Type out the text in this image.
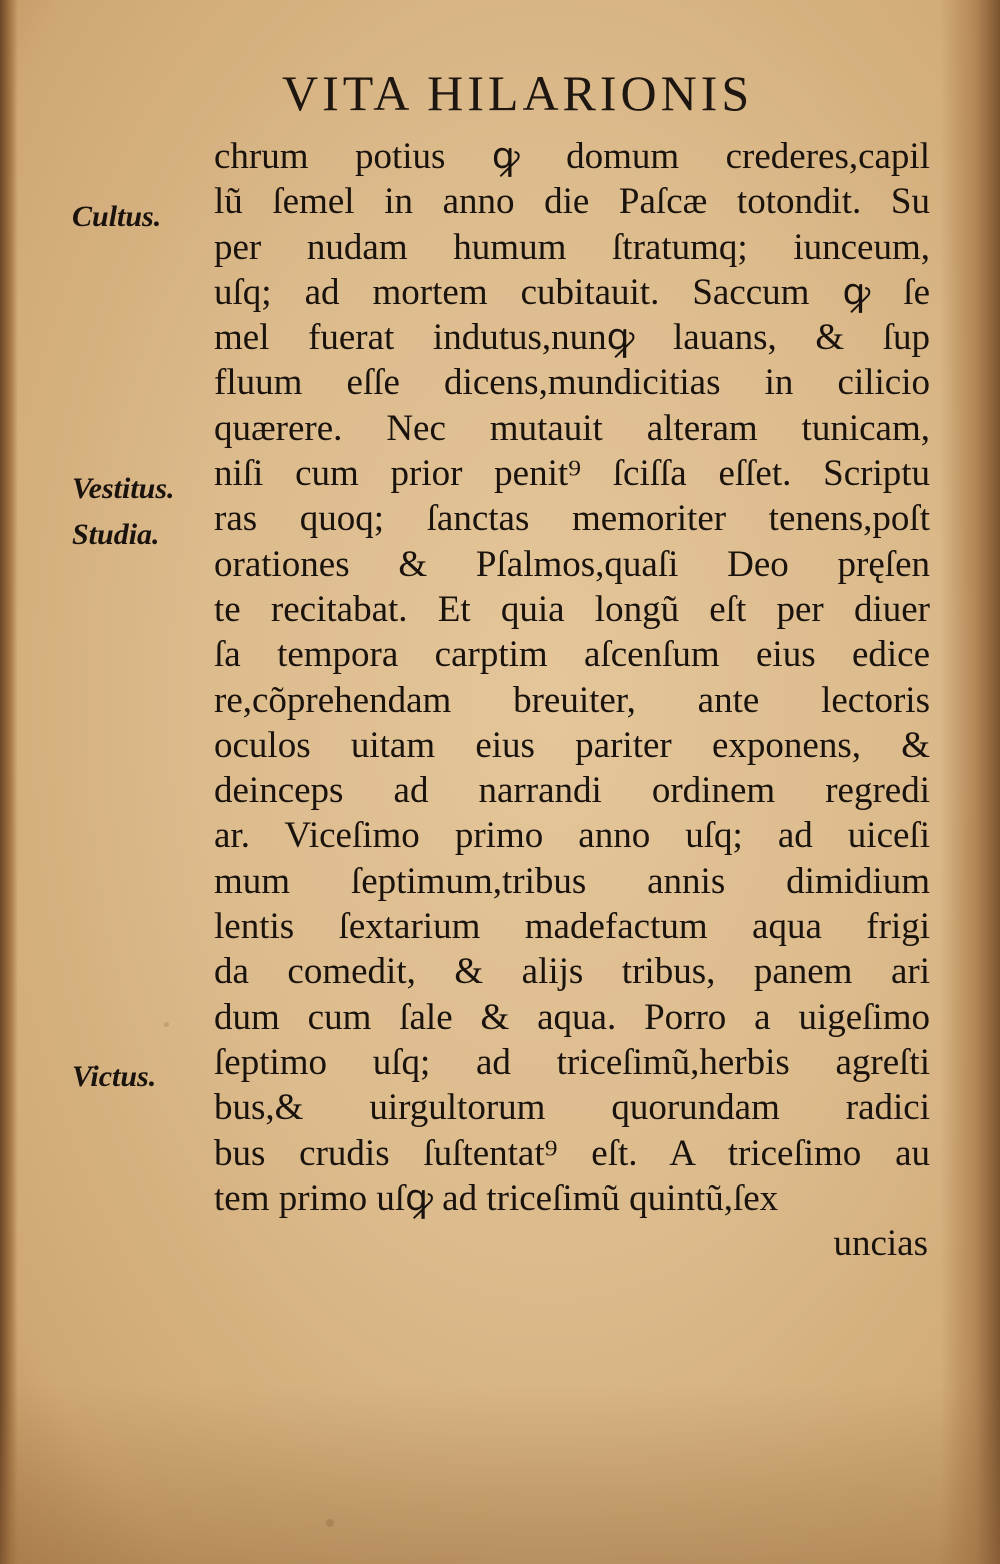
VITA HILARIONIS
Cultus.
Vestitus.
Studia.
Victus.
chrum potius ꝙ domum crederes,capil
lũ ſemel in anno die Paſcæ totondit. Su
per nudam humum ſtratumq; iunceum,
uſq; ad mortem cubitauit. Saccum ꝙ ſe
mel fuerat indutus,nunꝙ lauans, & ſup
fluum eſſe dicens,mundicitias in cilicio
quærere. Nec mutauit alteram tunicam,
niſi cum prior penit⁹ ſciſſa eſſet. Scriptu
ras quoq; ſanctas memoriter tenens,poſt
orationes & Pſalmos,quaſi Deo pręſen
te recitabat. Et quia longũ eſt per diuer
ſa tempora carptim aſcenſum eius edice
re,cõprehendam breuiter, ante lectoris
oculos uitam eius pariter exponens, &
deinceps ad narrandi ordinem regredi
ar. Viceſimo primo anno uſq; ad uiceſi
mum ſeptimum,tribus annis dimidium
lentis ſextarium madefactum aqua frigi
da comedit, & alijs tribus, panem ari
dum cum ſale & aqua. Porro a uigeſimo
ſeptimo uſq; ad triceſimũ,herbis agreſti
bus,& uirgultorum quorundam radici
bus crudis ſuſtentat⁹ eſt. A triceſimo au
tem primo uſꝙ ad triceſimũ quintũ,ſex
uncias
